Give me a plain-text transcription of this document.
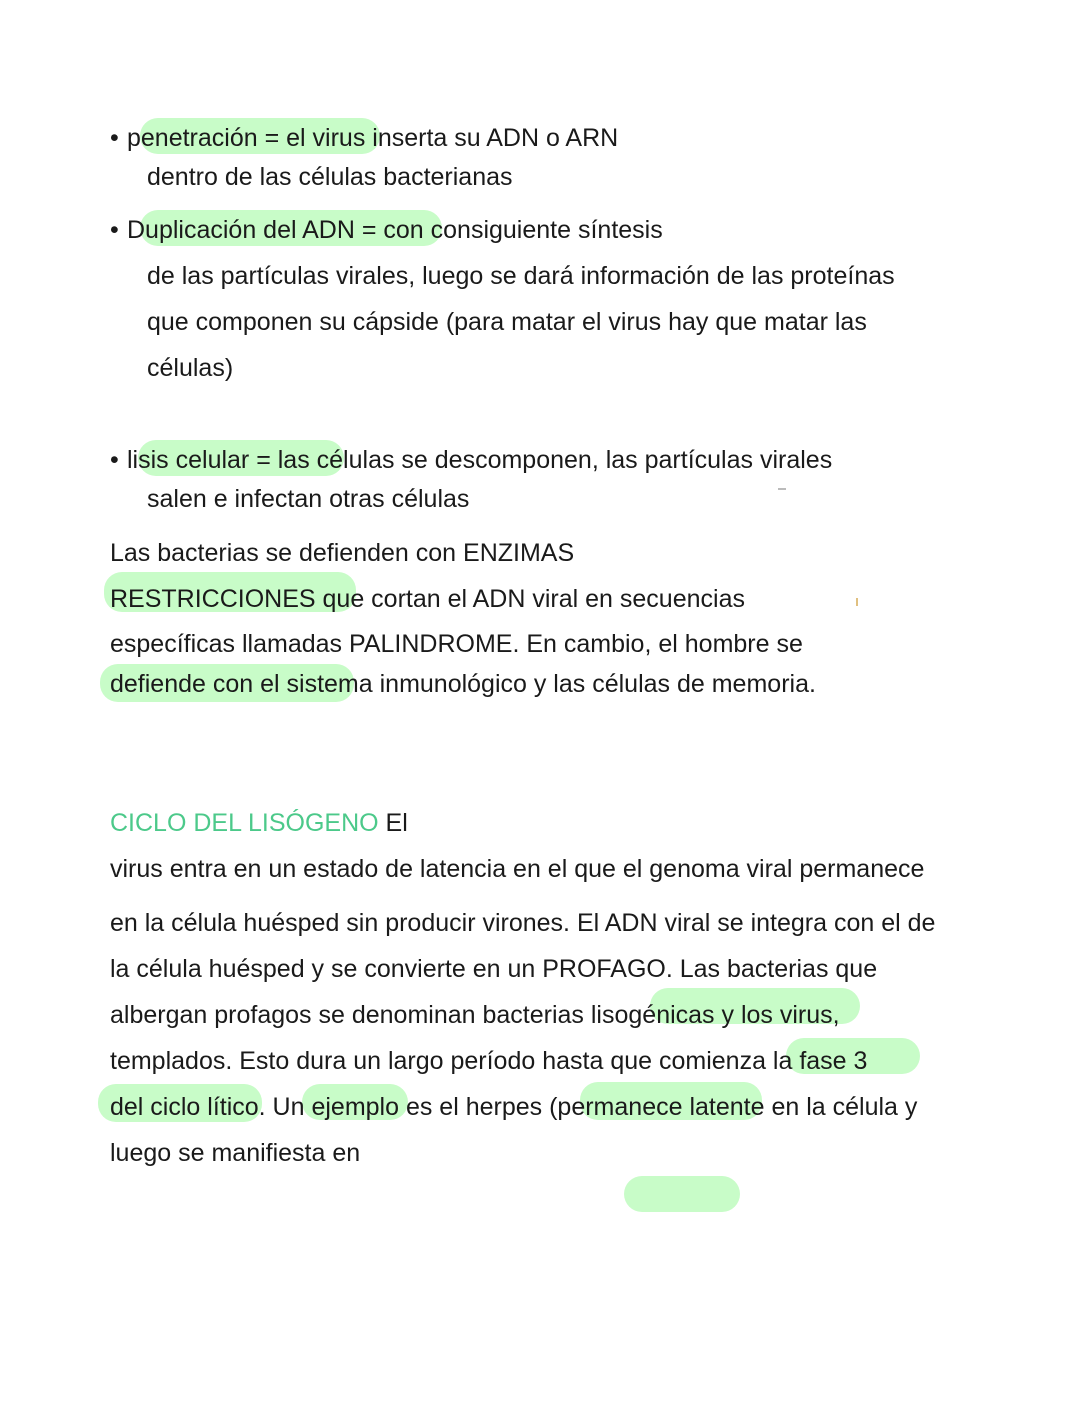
• penetración = el virus inserta su ADN o ARN
dentro de las células bacterianas
• Duplicación del ADN = con consiguiente síntesis
de las partículas virales, luego se dará información de las proteínas
que componen su cápside (para matar el virus hay que matar las
células)
• lisis celular = las células se descomponen, las partículas virales
salen e infectan otras células
Las bacterias se defienden con ENZIMAS
RESTRICCIONES que cortan el ADN viral en secuencias
específicas llamadas PALINDROME. En cambio, el hombre se
defiende con el sistema inmunológico y las células de memoria.
CICLO DEL LISÓGENO El
virus entra en un estado de latencia en el que el genoma viral permanece
en la célula huésped sin producir virones. El ADN viral se integra con el de
la célula huésped y se convierte en un PROFAGO. Las bacterias que
albergan profagos se denominan bacterias lisogénicas y los virus,
templados. Esto dura un largo período hasta que comienza la fase 3
del ciclo lítico. Un ejemplo es el herpes (permanece latente en la célula y
luego se manifiesta en
